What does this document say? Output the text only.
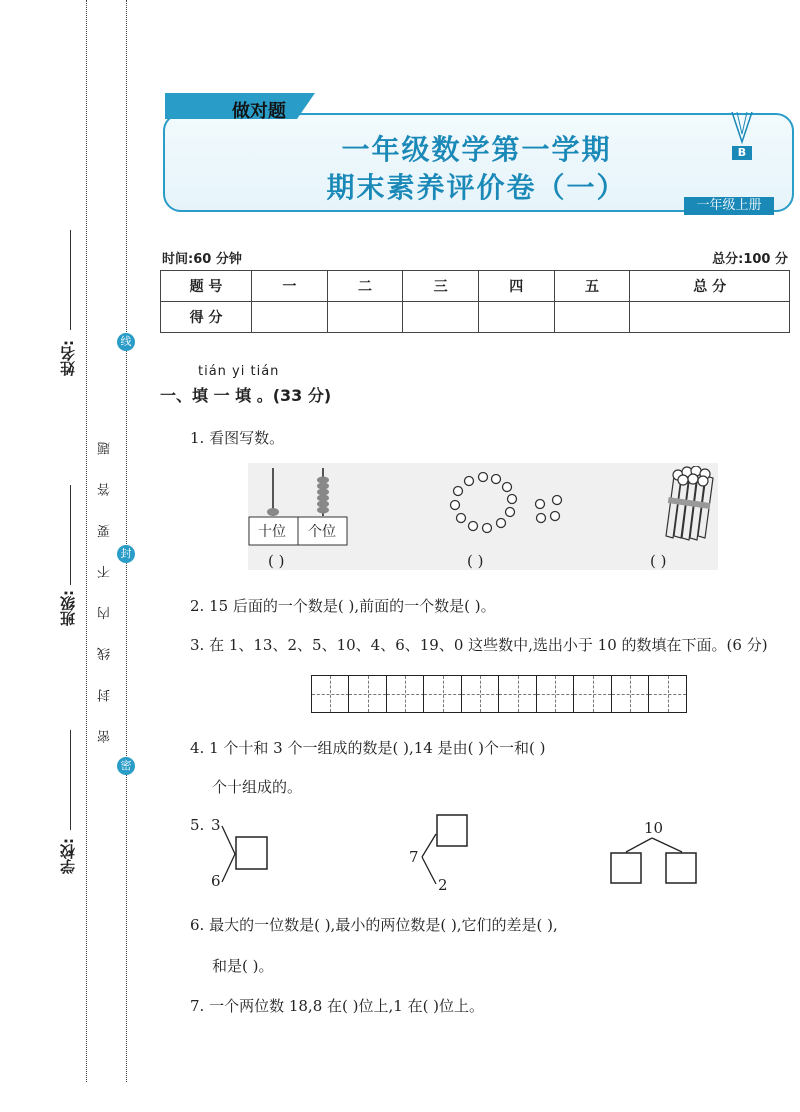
姓名:
班级:
学校:
线
封
密
密 封 线 内 不 要 答 题
做对题
一年级数学第一学期
期末素养评价卷（一）
B
一年级上册
时间:60 分钟	总分:100 分
题 号	一	二	三	四	五	总 分
得 分						
tián yi tián
一、填 一 填 。(33 分)
1. 看图写数。
十位 个位
( )	( )	( )
2. 15 后面的一个数是( ),前面的一个数是( )。
3. 在 1、13、2、5、10、4、6、19、0 这些数中,选出小于 10 的数填在下面。(6 分)
4. 1 个十和 3 个一组成的数是( ),14 是由( )个一和( )
个十组成的。
5. 3
6
7
2
10
6. 最大的一位数是( ),最小的两位数是( ),它们的差是( ),
和是( )。
7. 一个两位数 18,8 在( )位上,1 在( )位上。
